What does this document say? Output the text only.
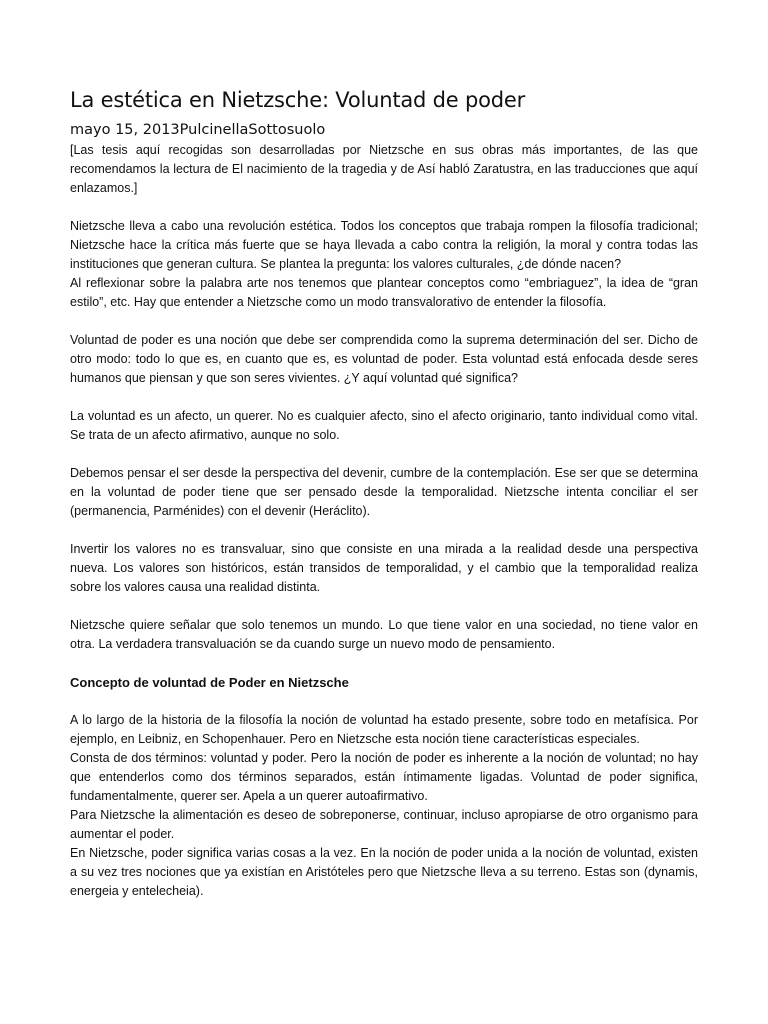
La estética en Nietzsche: Voluntad de poder
mayo 15, 2013PulcinellaSottosuolo

[Las tesis aquí recogidas son desarrolladas por Nietzsche en sus obras más importantes, de las que recomendamos la lectura de El nacimiento de la tragedia y de Así habló Zaratustra, en las traducciones que aquí enlazamos.]

Nietzsche lleva a cabo una revolución estética. Todos los conceptos que trabaja rompen la filosofía tradicional; Nietzsche hace la crítica más fuerte que se haya llevada a cabo contra la religión, la moral y contra todas las instituciones que generan cultura. Se plantea la pregunta: los valores culturales, ¿de dónde nacen?

Al reflexionar sobre la palabra arte nos tenemos que plantear conceptos como “embriaguez”, la idea de “gran estilo”, etc. Hay que entender a Nietzsche como un modo transvalorativo de entender la filosofía.

Voluntad de poder es una noción que debe ser comprendida como la suprema determinación del ser. Dicho de otro modo: todo lo que es, en cuanto que es, es voluntad de poder. Esta voluntad está enfocada desde seres humanos que piensan y que son seres vivientes. ¿Y aquí voluntad qué significa?

La voluntad es un afecto, un querer. No es cualquier afecto, sino el afecto originario, tanto individual como vital. Se trata de un afecto afirmativo, aunque no solo.

Debemos pensar el ser desde la perspectiva del devenir, cumbre de la contemplación. Ese ser que se determina en la voluntad de poder tiene que ser pensado desde la temporalidad. Nietzsche intenta conciliar el ser (permanencia, Parménides) con el devenir (Heráclito).

Invertir los valores no es transvaluar, sino que consiste en una mirada a la realidad desde una perspectiva nueva. Los valores son históricos, están transidos de temporalidad, y el cambio que la temporalidad realiza sobre los valores causa una realidad distinta.

Nietzsche quiere señalar que solo tenemos un mundo. Lo que tiene valor en una sociedad, no tiene valor en otra. La verdadera transvaluación se da cuando surge un nuevo modo de pensamiento.

Concepto de voluntad de Poder en Nietzsche

A lo largo de la historia de la filosofía la noción de voluntad ha estado presente, sobre todo en metafísica. Por ejemplo, en Leibniz, en Schopenhauer. Pero en Nietzsche esta noción tiene características especiales.

Consta de dos términos: voluntad y poder. Pero la noción de poder es inherente a la noción de voluntad; no hay que entenderlos como dos términos separados, están íntimamente ligadas. Voluntad de poder significa, fundamentalmente, querer ser. Apela a un querer autoafirmativo.

Para Nietzsche la alimentación es deseo de sobreponerse, continuar, incluso apropiarse de otro organismo para aumentar el poder.

En Nietzsche, poder significa varias cosas a la vez. En la noción de poder unida a la noción de voluntad, existen a su vez tres nociones que ya existían en Aristóteles pero que Nietzsche lleva a su terreno. Estas son (dynamis, energeia y entelecheia).
